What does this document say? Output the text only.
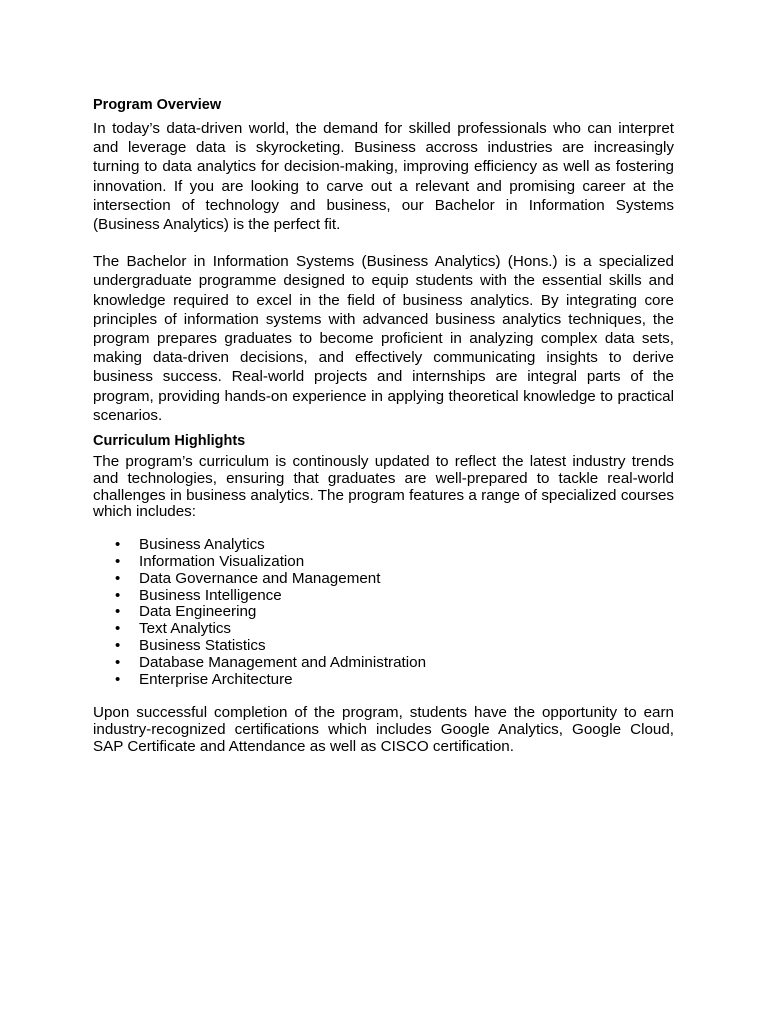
Program Overview

In today’s data-driven world, the demand for skilled professionals who can interpret and leverage data is skyrocketing. Business accross industries are increasingly turning to data analytics for decision-making, improving efficiency as well as fostering innovation. If you are looking to carve out a relevant and promising career at the intersection of technology and business, our Bachelor in Information Systems (Business Analytics) is the perfect fit.

The Bachelor in Information Systems (Business Analytics) (Hons.) is a specialized undergraduate programme designed to equip students with the essential skills and knowledge required to excel in the field of business analytics. By integrating core principles of information systems with advanced business analytics techniques, the program prepares graduates to become proficient in analyzing complex data sets, making data-driven decisions, and effectively communicating insights to derive business success. Real-world projects and internships are integral parts of the program, providing hands-on experience in applying theoretical knowledge to practical scenarios.

Curriculum Highlights

The program’s curriculum is continously updated to reflect the latest industry trends and technologies, ensuring that graduates are well-prepared to tackle real-world challenges in business analytics. The program features a range of specialized courses which includes:

• Business Analytics
• Information Visualization
• Data Governance and Management
• Business Intelligence
• Data Engineering
• Text Analytics
• Business Statistics
• Database Management and Administration
• Enterprise Architecture

Upon successful completion of the program, students have the opportunity to earn industry-recognized certifications which includes Google Analytics, Google Cloud, SAP Certificate and Attendance as well as CISCO certification.
